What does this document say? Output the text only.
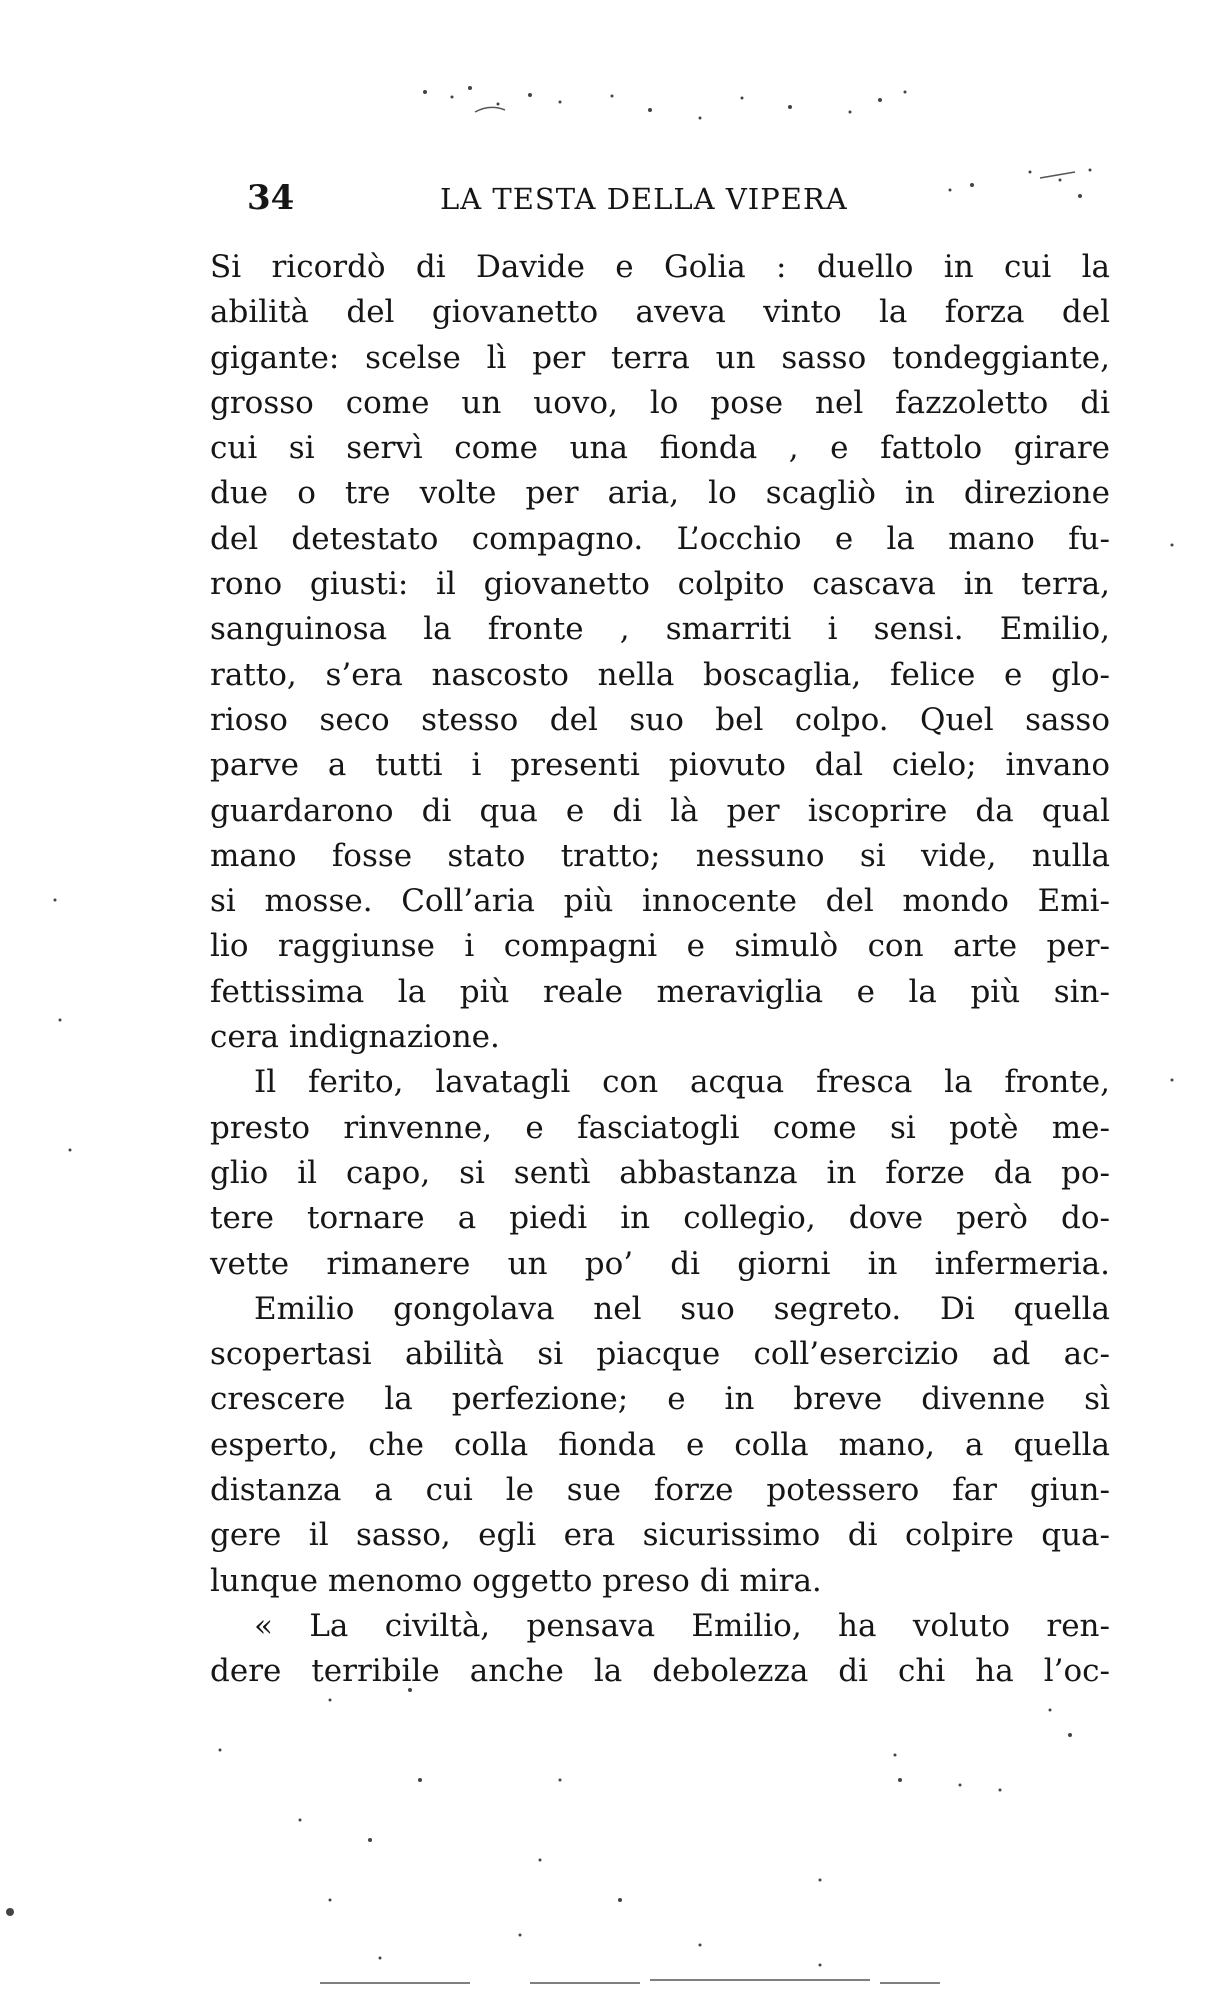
34	LA TESTA DELLA VIPERA
Si ricordò di Davide e Golia : duello in cui la
abilità del giovanetto aveva vinto la forza del
gigante: scelse lì per terra un sasso tondeggiante,
grosso come un uovo, lo pose nel fazzoletto di
cui si servì come una fionda , e fattolo girare
due o tre volte per aria, lo scagliò in direzione
del detestato compagno. L’occhio e la mano fu-
rono giusti: il giovanetto colpito cascava in terra,
sanguinosa la fronte , smarriti i sensi. Emilio,
ratto, s’era nascosto nella boscaglia, felice e glo-
rioso seco stesso del suo bel colpo. Quel sasso
parve a tutti i presenti piovuto dal cielo; invano
guardarono di qua e di là per iscoprire da qual
mano fosse stato tratto; nessuno si vide, nulla
si mosse. Coll’aria più innocente del mondo Emi-
lio raggiunse i compagni e simulò con arte per-
fettissima la più reale meraviglia e la più sin-
cera indignazione.
Il ferito, lavatagli con acqua fresca la fronte,
presto rinvenne, e fasciatogli come si potè me-
glio il capo, si sentì abbastanza in forze da po-
tere tornare a piedi in collegio, dove però do-
vette rimanere un po’ di giorni in infermeria.
Emilio gongolava nel suo segreto. Di quella
scopertasi abilità si piacque coll’esercizio ad ac-
crescere la perfezione; e in breve divenne sì
esperto, che colla fionda e colla mano, a quella
distanza a cui le sue forze potessero far giun-
gere il sasso, egli era sicurissimo di colpire qua-
lunque menomo oggetto preso di mira.
« La civiltà, pensava Emilio, ha voluto ren-
dere terribile anche la debolezza di chi ha l’oc-
